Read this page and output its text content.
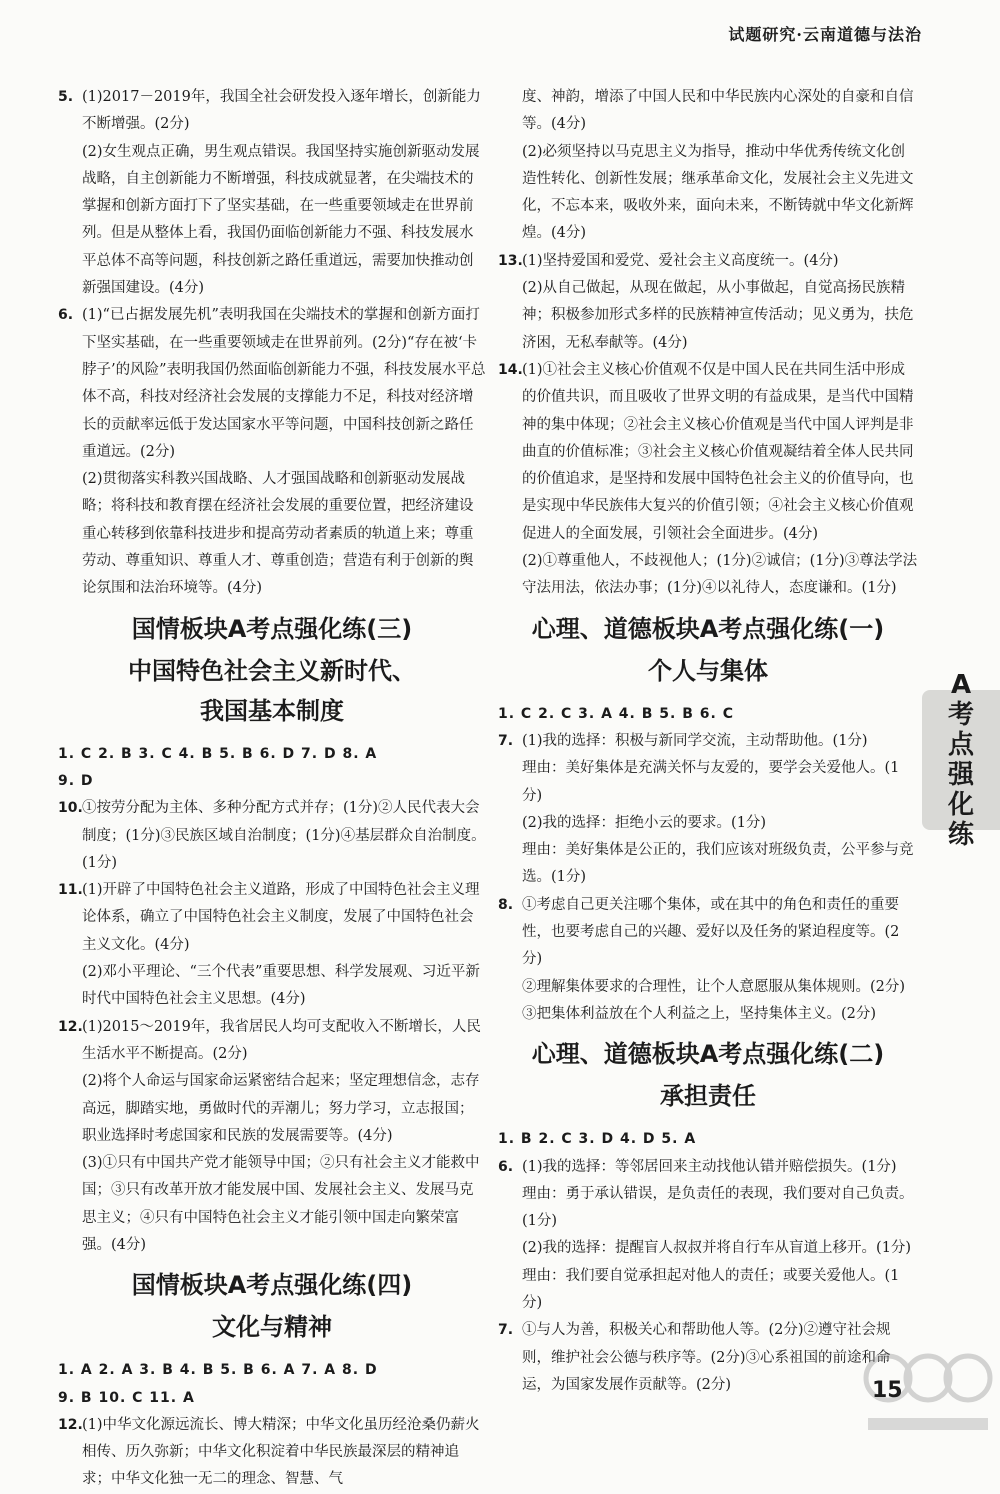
试题研究·云南道德与法治
5. (1)2017－2019年，我国全社会研发投入逐年增长，创新能力不断增强。(2分)

(2)女生观点正确，男生观点错误。我国坚持实施创新驱动发展战略，自主创新能力不断增强，科技成就显著，在尖端技术的掌握和创新方面打下了坚实基础，在一些重要领域走在世界前列。但是从整体上看，我国仍面临创新能力不强、科技发展水平总体不高等问题，科技创新之路任重道远，需要加快推动创新强国建设。(4分)

6. (1)“已占据发展先机”表明我国在尖端技术的掌握和创新方面打下坚实基础，在一些重要领域走在世界前列。(2分)“存在被‘卡脖子’的风险”表明我国仍然面临创新能力不强，科技发展水平总体不高，科技对经济社会发展的支撑能力不足，科技对经济增长的贡献率远低于发达国家水平等问题，中国科技创新之路任重道远。(2分)

(2)贯彻落实科教兴国战略、人才强国战略和创新驱动发展战略；将科技和教育摆在经济社会发展的重要位置，把经济建设重心转移到依靠科技进步和提高劳动者素质的轨道上来；尊重劳动、尊重知识、尊重人才、尊重创造；营造有利于创新的舆论氛围和法治环境等。(4分)

国情板块A考点强化练(三)
中国特色社会主义新时代、
我国基本制度

1. C 2. B 3. C 4. B 5. B 6. D 7. D 8. A

9. D

10. ①按劳分配为主体、多种分配方式并存；(1分)②人民代表大会制度；(1分)③民族区域自治制度；(1分)④基层群众自治制度。(1分)

11. (1)开辟了中国特色社会主义道路，形成了中国特色社会主义理论体系，确立了中国特色社会主义制度，发展了中国特色社会主义文化。(4分)

(2)邓小平理论、“三个代表”重要思想、科学发展观、习近平新时代中国特色社会主义思想。(4分)

12. (1)2015～2019年，我省居民人均可支配收入不断增长，人民生活水平不断提高。(2分)

(2)将个人命运与国家命运紧密结合起来；坚定理想信念，志存高远，脚踏实地，勇做时代的弄潮儿；努力学习，立志报国；职业选择时考虑国家和民族的发展需要等。(4分)

(3)①只有中国共产党才能领导中国；②只有社会主义才能救中国；③只有改革开放才能发展中国、发展社会主义、发展马克思主义；④只有中国特色社会主义才能引领中国走向繁荣富强。(4分)

国情板块A考点强化练(四)
文化与精神

1. A 2. A 3. B 4. B 5. B 6. A 7. A 8. D

9. B 10. C 11. A

12. (1)中华文化源远流长、博大精深；中华文化虽历经沧桑仍薪火相传、历久弥新；中华文化积淀着中华民族最深层的精神追求；中华文化独一无二的理念、智慧、气

度、神韵，增添了中国人民和中华民族内心深处的自豪和自信等。(4分)

(2)必须坚持以马克思主义为指导，推动中华优秀传统文化创造性转化、创新性发展；继承革命文化，发展社会主义先进文化，不忘本来，吸收外来，面向未来，不断铸就中华文化新辉煌。(4分)

13. (1)坚持爱国和爱党、爱社会主义高度统一。(4分)

(2)从自己做起，从现在做起，从小事做起，自觉高扬民族精神；积极参加形式多样的民族精神宣传活动；见义勇为，扶危济困，无私奉献等。(4分)

14. (1)①社会主义核心价值观不仅是中国人民在共同生活中形成的价值共识，而且吸收了世界文明的有益成果，是当代中国精神的集中体现；②社会主义核心价值观是当代中国人评判是非曲直的价值标准；③社会主义核心价值观凝结着全体人民共同的价值追求，是坚持和发展中国特色社会主义的价值导向，也是实现中华民族伟大复兴的价值引领；④社会主义核心价值观促进人的全面发展，引领社会全面进步。(4分)

(2)①尊重他人，不歧视他人；(1分)②诚信；(1分)③尊法学法守法用法，依法办事；(1分)④以礼待人，态度谦和。(1分)

心理、道德板块A考点强化练(一)
个人与集体

1. C 2. C 3. A 4. B 5. B 6. C

7. (1)我的选择：积极与新同学交流，主动帮助他。(1分)

理由：美好集体是充满关怀与友爱的，要学会关爱他人。(1分)

(2)我的选择：拒绝小云的要求。(1分)

理由：美好集体是公正的，我们应该对班级负责，公平参与竞选。(1分)

8. ①考虑自己更关注哪个集体，或在其中的角色和责任的重要性，也要考虑自己的兴趣、爱好以及任务的紧迫程度等。(2分)

②理解集体要求的合理性，让个人意愿服从集体规则。(2分)

③把集体利益放在个人利益之上，坚持集体主义。(2分)

心理、道德板块A考点强化练(二)
承担责任

1. B 2. C 3. D 4. D 5. A

6. (1)我的选择：等邻居回来主动找他认错并赔偿损失。(1分)

理由：勇于承认错误，是负责任的表现，我们要对自己负责。(1分)

(2)我的选择：提醒盲人叔叔并将自行车从盲道上移开。(1分)

理由：我们要自觉承担起对他人的责任；或要关爱他人。(1分)

7. ①与人为善，积极关心和帮助他人等。(2分)②遵守社会规则，维护社会公德与秩序等。(2分)③心系祖国的前途和命运，为国家发展作贡献等。(2分)

A
考
点
强
化
练
15
